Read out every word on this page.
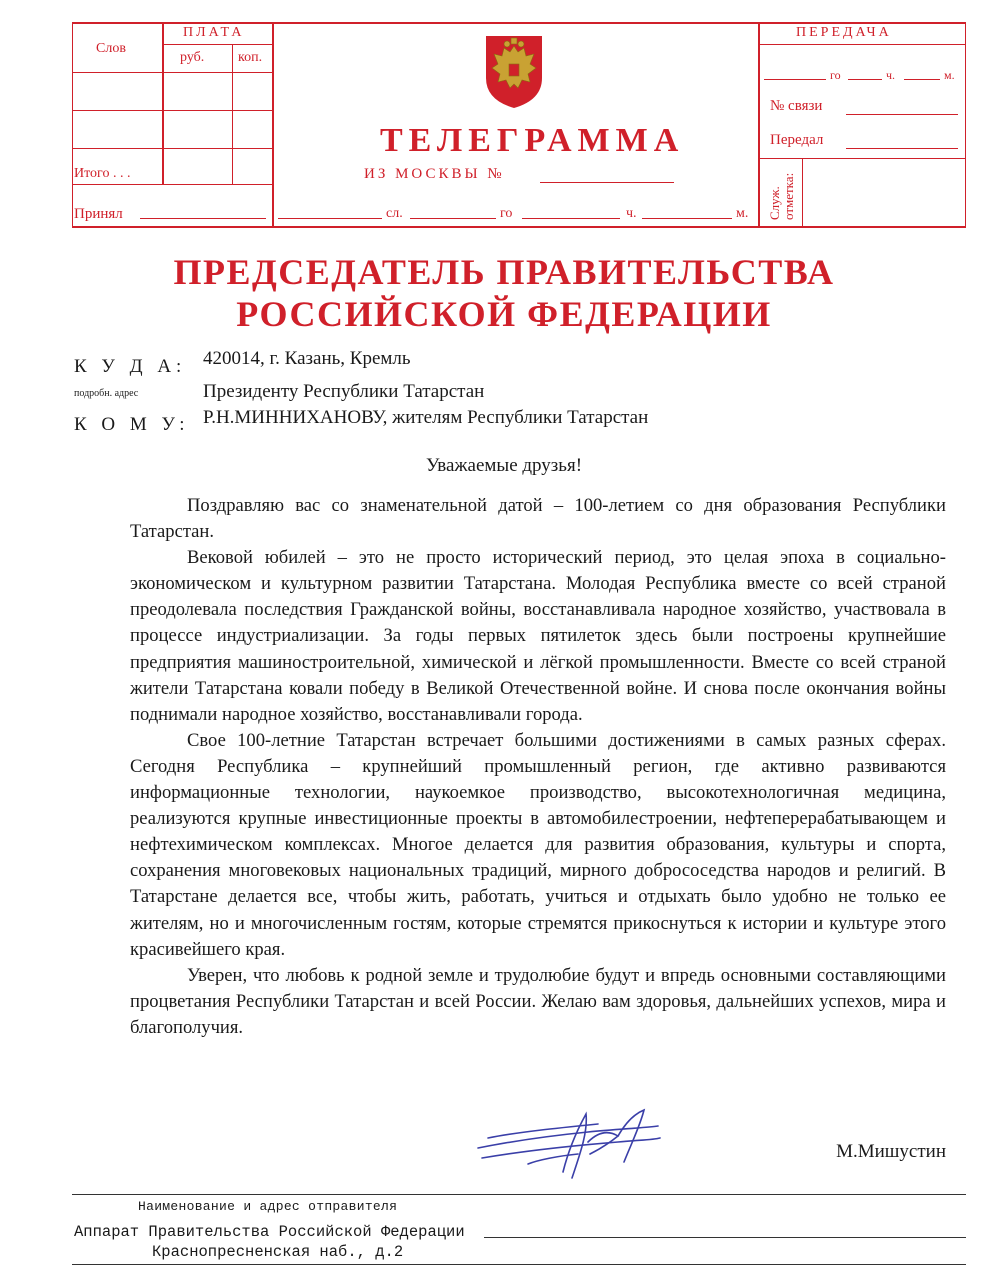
ПЛАТА
Слов
руб. коп.
Итого . . .
Принял
ТЕЛЕГРАММА
ИЗ МОСКВЫ №
сл.	го	ч.	м.
ПЕРЕДАЧА
го	ч.	м.
№ связи
Передал
Служ. отметка:
ПРЕДСЕДАТЕЛЬ ПРАВИТЕЛЬСТВА
РОССИЙСКОЙ ФЕДЕРАЦИИ
К У Д А: 420014, г. Казань, Кремль
подробн. адрес	Президенту Республики Татарстан
К О М У: Р.Н.МИННИХАНОВУ, жителям Республики Татарстан
Уважаемые друзья!

Поздравляю вас со знаменательной датой – 100-летием со дня образования Республики Татарстан.

Вековой юбилей – это не просто исторический период, это целая эпоха в социально-экономическом и культурном развитии Татарстана. Молодая Республика вместе со всей страной преодолевала последствия Гражданской войны, восстанавливала народное хозяйство, участвовала в процессе индустриализации. За годы первых пятилеток здесь были построены крупнейшие предприятия машиностроительной, химической и лёгкой промышленности. Вместе со всей страной жители Татарстана ковали победу в Великой Отечественной войне. И снова после окончания войны поднимали народное хозяйство, восстанавливали города.

Свое 100-летние Татарстан встречает большими достижениями в самых разных сферах. Сегодня Республика – крупнейший промышленный регион, где активно развиваются информационные технологии, наукоемкое производство, высокотехнологичная медицина, реализуются крупные инвестиционные проекты в автомобилестроении, нефтеперерабатывающем и нефтехимическом комплексах. Многое делается для развития образования, культуры и спорта, сохранения многовековых национальных традиций, мирного добрососедства народов и религий. В Татарстане делается все, чтобы жить, работать, учиться и отдыхать было удобно не только ее жителям, но и многочисленным гостям, которые стремятся прикоснуться к истории и культуре этого красивейшего края.

Уверен, что любовь к родной земле и трудолюбие будут и впредь основными составляющими процветания Республики Татарстан и всей России. Желаю вам здоровья, дальнейших успехов, мира и благополучия.

М.Мишустин
Наименование и адрес отправителя
Аппарат Правительства Российской Федерации
Краснопресненская наб., д.2
